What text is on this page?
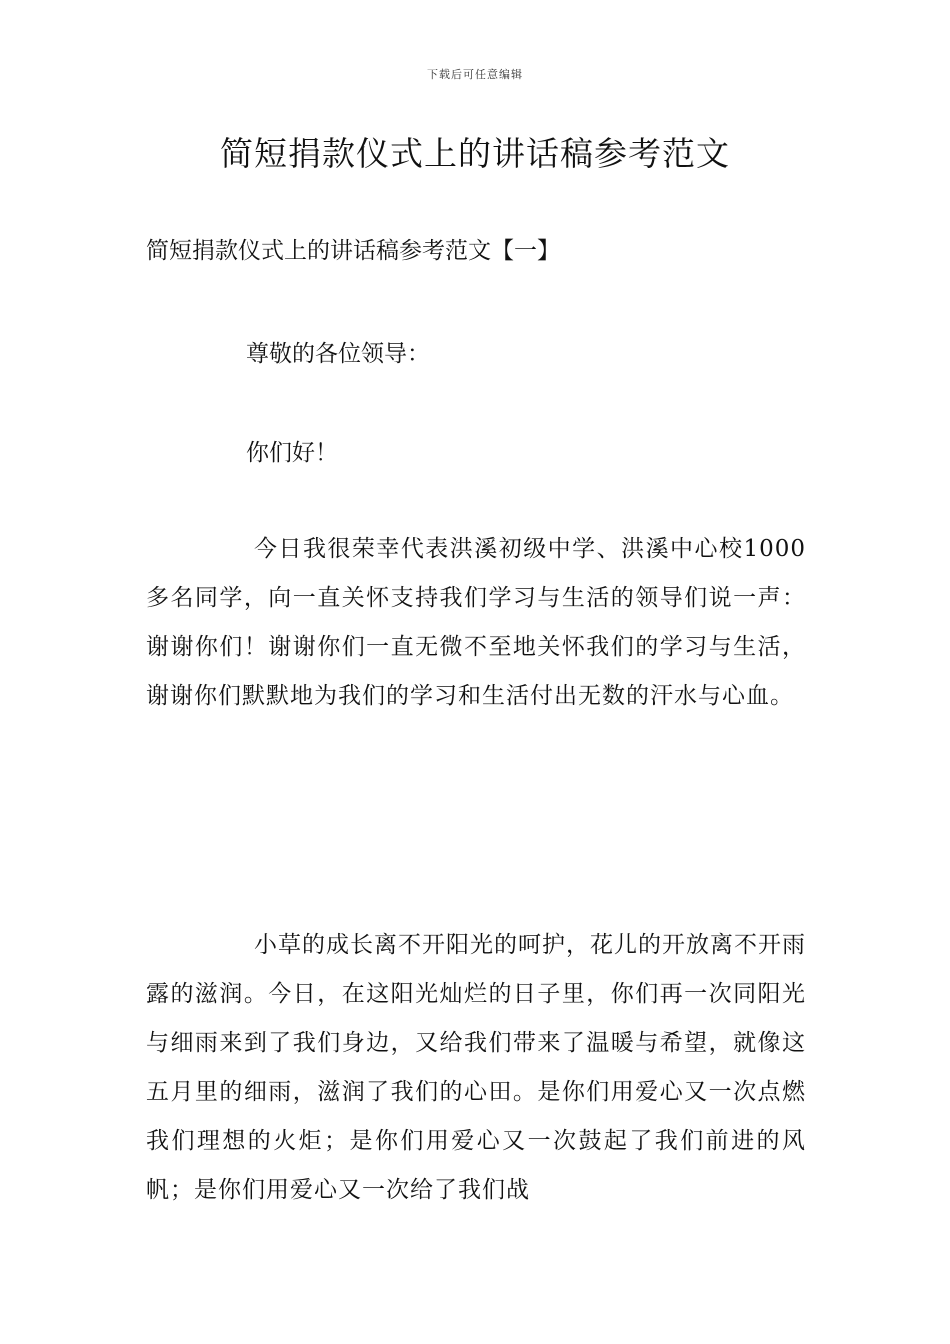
下载后可任意编辑
简短捐款仪式上的讲话稿参考范文
简短捐款仪式上的讲话稿参考范文【一】
尊敬的各位领导：
你们好！

今日我很荣幸代表洪溪初级中学、洪溪中心校1000多名同学，向一直关怀支持我们学习与生活的领导们说一声：谢谢你们！谢谢你们一直无微不至地关怀我们的学习与生活，谢谢你们默默地为我们的学习和生活付出无数的汗水与心血。

小草的成长离不开阳光的呵护，花儿的开放离不开雨露的滋润。今日，在这阳光灿烂的日子里，你们再一次同阳光与细雨来到了我们身边，又给我们带来了温暖与希望，就像这五月里的细雨，滋润了我们的心田。是你们用爱心又一次点燃我们理想的火炬；是你们用爱心又一次鼓起了我们前进的风帆；是你们用爱心又一次给了我们战
